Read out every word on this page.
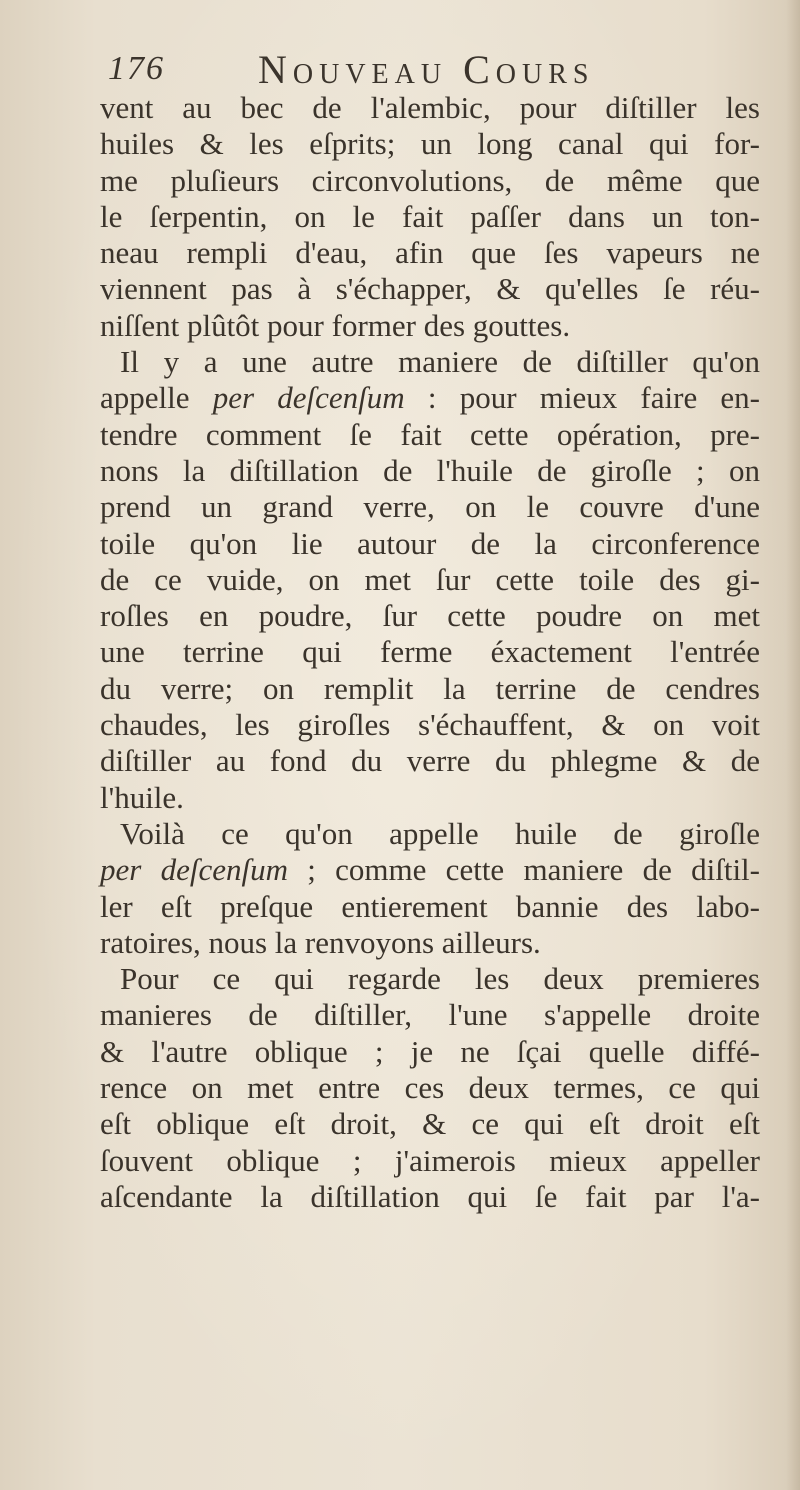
176 Nouveau Cours
vent au bec de l'alembic, pour diſtiller les
huiles & les eſprits; un long canal qui for-
me pluſieurs circonvolutions, de même que
le ſerpentin, on le fait paſſer dans un ton-
neau rempli d'eau, afin que ſes vapeurs ne
viennent pas à s'échapper, & qu'elles ſe réu-
niſſent plûtôt pour former des gouttes.
Il y a une autre maniere de diſtiller qu'on
appelle per deſcenſum : pour mieux faire en-
tendre comment ſe fait cette opération, pre-
nons la diſtillation de l'huile de giroſle ; on
prend un grand verre, on le couvre d'une
toile qu'on lie autour de la circonference
de ce vuide, on met ſur cette toile des gi-
roſles en poudre, ſur cette poudre on met
une terrine qui ferme éxactement l'entrée
du verre; on remplit la terrine de cendres
chaudes, les giroſles s'échauffent, & on voit
diſtiller au fond du verre du phlegme & de
l'huile.
Voilà ce qu'on appelle huile de giroſle
per deſcenſum ; comme cette maniere de diſtil-
ler eſt preſque entierement bannie des labo-
ratoires, nous la renvoyons ailleurs.
Pour ce qui regarde les deux premieres
manieres de diſtiller, l'une s'appelle droite
& l'autre oblique ; je ne ſçai quelle diffé-
rence on met entre ces deux termes, ce qui
eſt oblique eſt droit, & ce qui eſt droit eſt
ſouvent oblique ; j'aimerois mieux appeller
aſcendante la diſtillation qui ſe fait par l'a-
